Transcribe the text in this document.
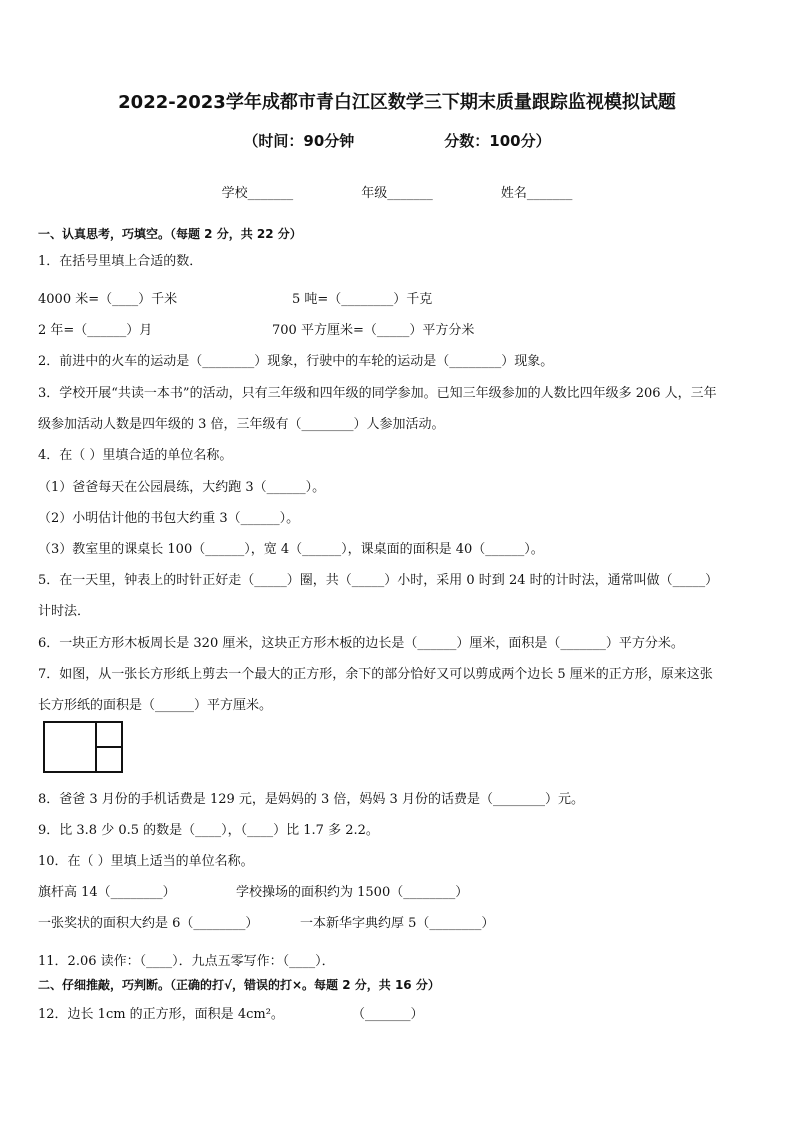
2022-2023学年成都市青白江区数学三下期末质量跟踪监视模拟试题
（时间：90分钟	分数：100分）
学校_______	年级_______	姓名_______
一、认真思考，巧填空。（每题 2 分，共 22 分）
1．在括号里填上合适的数．
4000 米=（____）千米	5 吨=（________）千克
2 年=（______）月	700 平方厘米=（_____）平方分米
2．前进中的火车的运动是（________）现象，行驶中的车轮的运动是（________）现象。
3．学校开展“共读一本书”的活动，只有三年级和四年级的同学参加。已知三年级参加的人数比四年级多 206 人，三年
级参加活动人数是四年级的 3 倍，三年级有（________）人参加活动。
4．在（ ）里填合适的单位名称。
（1）爸爸每天在公园晨练，大约跑 3（______）。
（2）小明估计他的书包大约重 3（______）。
（3）教室里的课桌长 100（______），宽 4（______），课桌面的面积是 40（______）。
5．在一天里，钟表上的时针正好走（_____）圈，共（_____）小时，采用 0 时到 24 时的计时法，通常叫做（_____）
计时法．
6．一块正方形木板周长是 320 厘米，这块正方形木板的边长是（______）厘米，面积是（_______）平方分米。
7．如图，从一张长方形纸上剪去一个最大的正方形，余下的部分恰好又可以剪成两个边长 5 厘米的正方形，原来这张
长方形纸的面积是（______）平方厘米。
8．爸爸 3 月份的手机话费是 129 元，是妈妈的 3 倍，妈妈 3 月份的话费是（________）元。
9．比 3.8 少 0.5 的数是（____），（____）比 1.7 多 2.2。
10．在（ ）里填上适当的单位名称。
旗杆高 14（________）	学校操场的面积约为 1500（________）
一张奖状的面积大约是 6（________）	一本新华字典约厚 5（________）
11．2.06 读作：（____）．九点五零写作：（____）．
二、仔细推敲，巧判断。（正确的打√，错误的打×。每题 2 分，共 16 分）
12．边长 1cm 的正方形，面积是 4cm²。	（_______）
